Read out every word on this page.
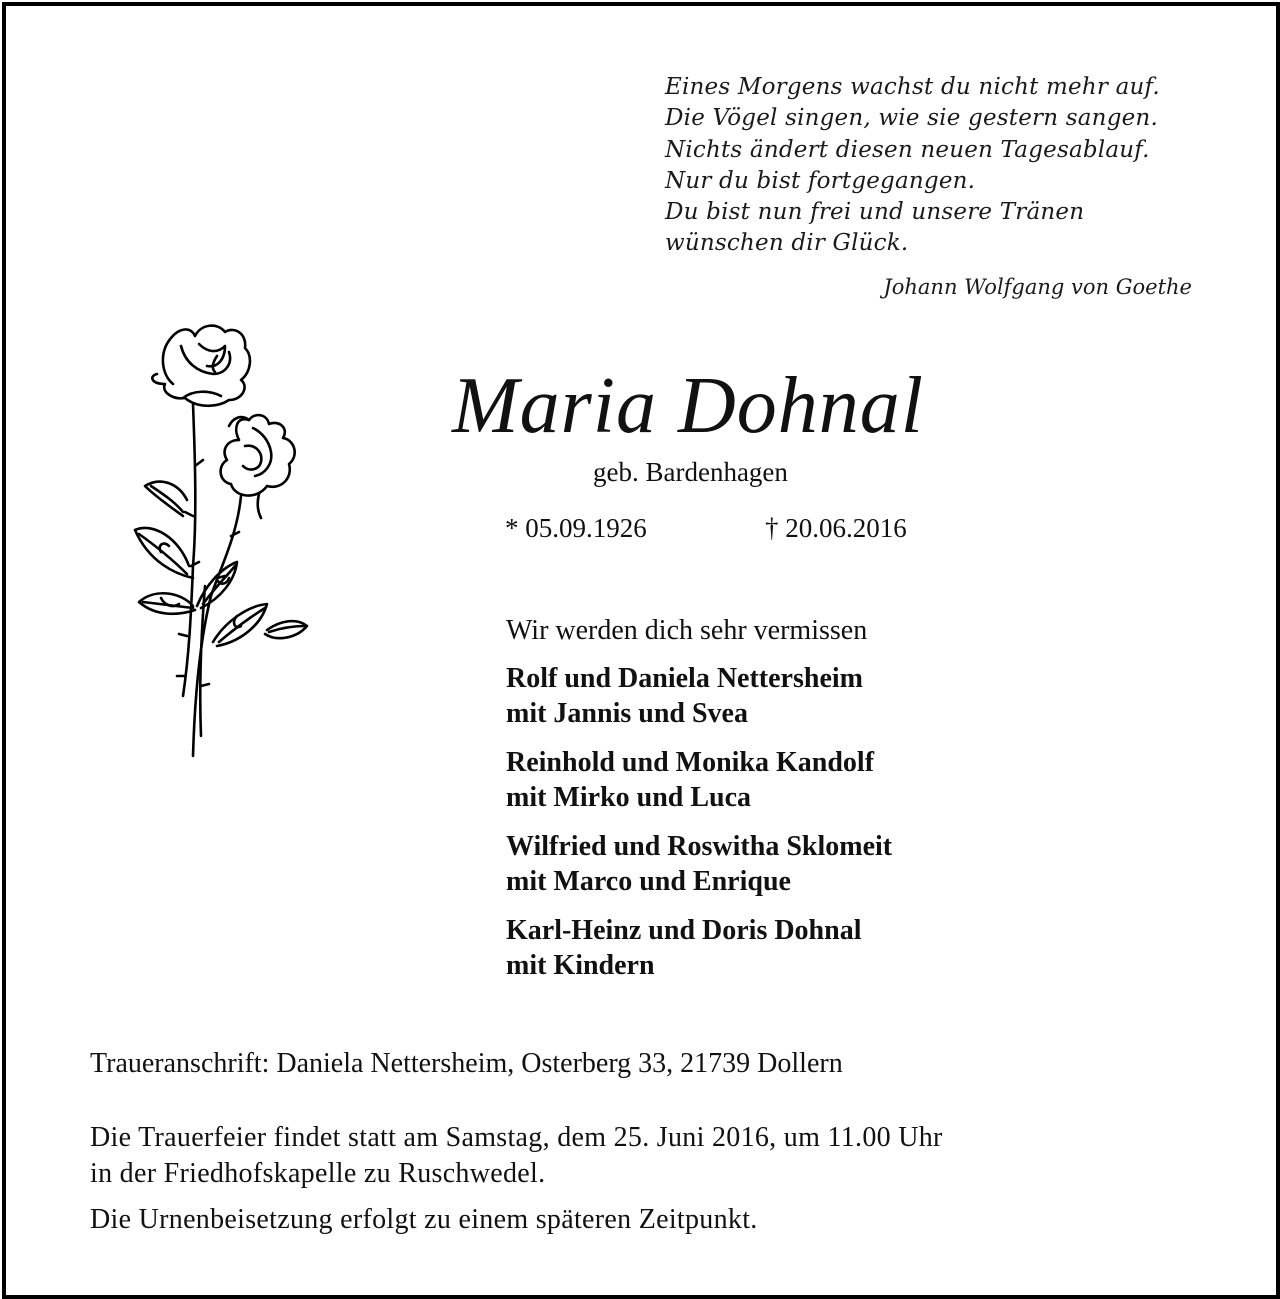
Eines Morgens wachst du nicht mehr auf.
Die Vögel singen, wie sie gestern sangen.
Nichts ändert diesen neuen Tagesablauf.
Nur du bist fortgegangen.
Du bist nun frei und unsere Tränen
wünschen dir Glück.
Johann Wolfgang von Goethe
Maria Dohnal
geb. Bardenhagen
* 05.09.1926	† 20.06.2016
Wir werden dich sehr vermissen
Rolf und Daniela Nettersheim
mit Jannis und Svea
Reinhold und Monika Kandolf
mit Mirko und Luca
Wilfried und Roswitha Sklomeit
mit Marco und Enrique
Karl-Heinz und Doris Dohnal
mit Kindern
Traueranschrift: Daniela Nettersheim, Osterberg 33, 21739 Dollern
Die Trauerfeier findet statt am Samstag, dem 25. Juni 2016, um 11.00 Uhr
in der Friedhofskapelle zu Ruschwedel.
Die Urnenbeisetzung erfolgt zu einem späteren Zeitpunkt.
